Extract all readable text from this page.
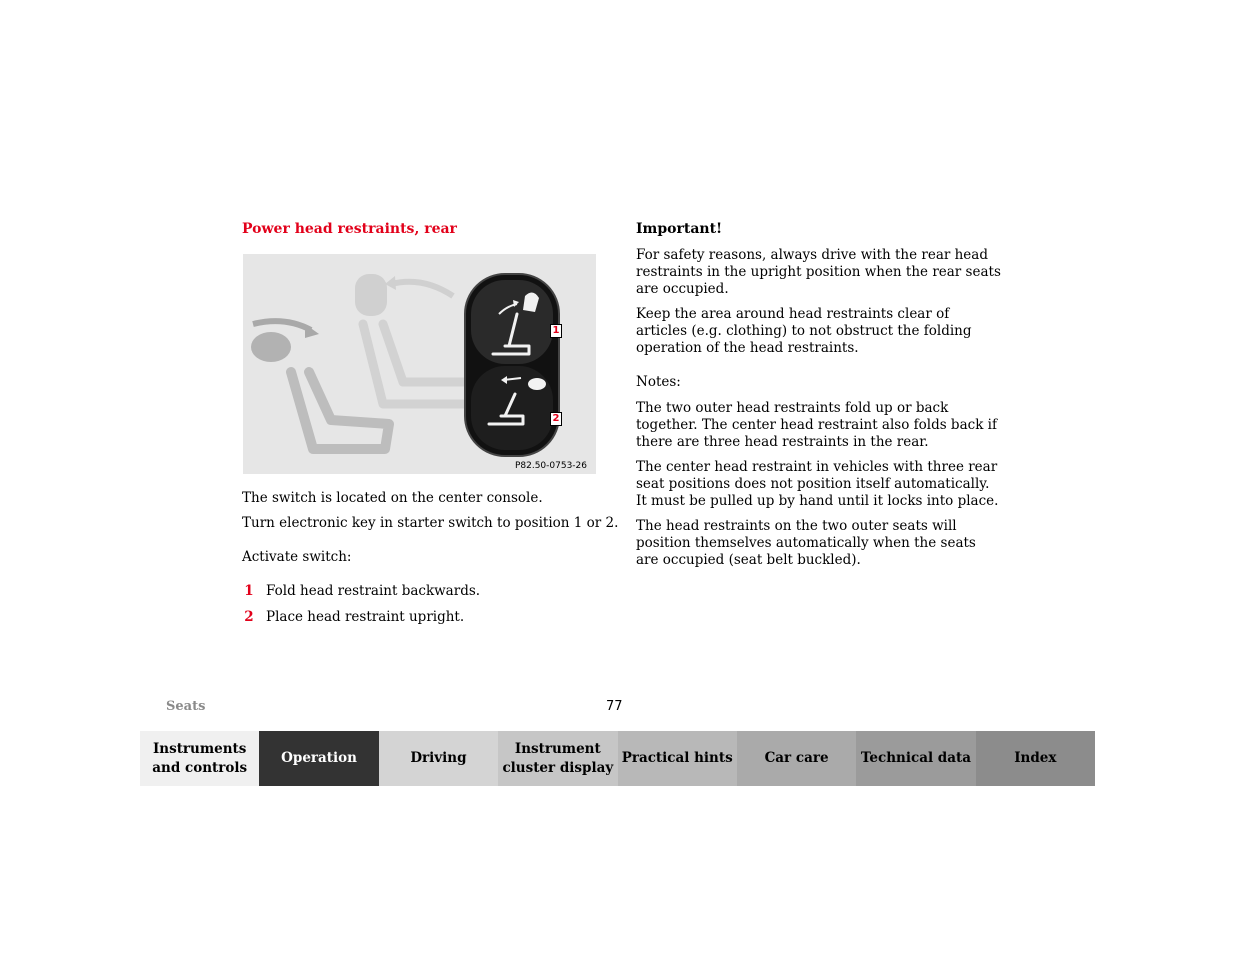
Power head restraints, rear
1
2
P82.50-0753-26

The switch is located on the center console.

Turn electronic key in starter switch to position 1 or 2.

Activate switch:

1 Fold head restraint backwards.
2 Place head restraint upright.
Important!

For safety reasons, always drive with the rear head restraints in the upright position when the rear seats are occupied.

Keep the area around head restraints clear of articles (e.g. clothing) to not obstruct the folding operation of the head restraints.

Notes:

The two outer head restraints fold up or back together. The center head restraint also folds back if there are three head restraints in the rear.

The center head restraint in vehicles with three rear seat positions does not position itself automatically. It must be pulled up by hand until it locks into place.

The head restraints on the two outer seats will position themselves automatically when the seats are occupied (seat belt buckled).

Seats	77
Instruments and controls
Operation	Driving
Instrument cluster display
Practical hints Car care Technical data	Index
